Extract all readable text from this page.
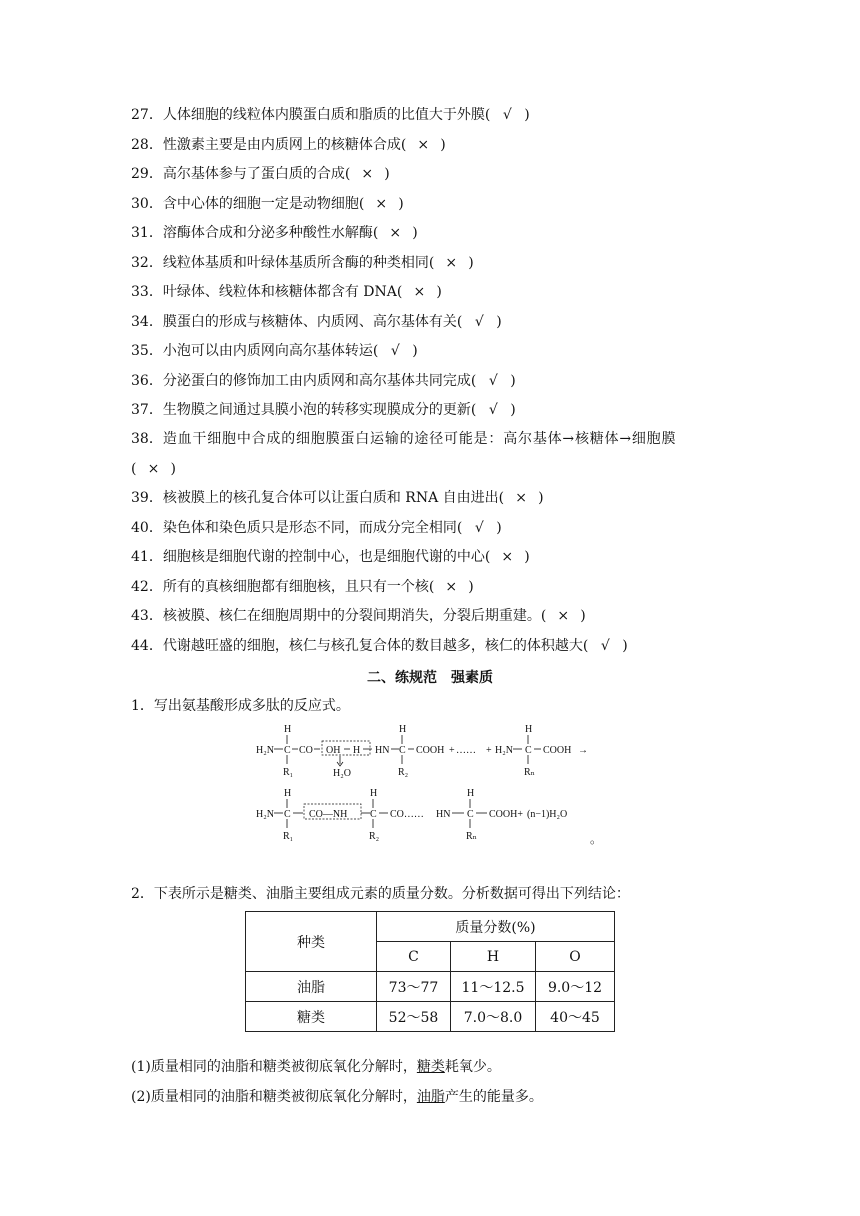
27．人体细胞的线粒体内膜蛋白质和脂质的比值大于外膜( √ )
28．性激素主要是由内质网上的核糖体合成( × )
29．高尔基体参与了蛋白质的合成( × )
30．含中心体的细胞一定是动物细胞( × )
31．溶酶体合成和分泌多种酸性水解酶( × )
32．线粒体基质和叶绿体基质所含酶的种类相同( × )
33．叶绿体、线粒体和核糖体都含有 DNA( × )
34．膜蛋白的形成与核糖体、内质网、高尔基体有关( √ )
35．小泡可以由内质网向高尔基体转运( √ )
36．分泌蛋白的修饰加工由内质网和高尔基体共同完成( √ )
37．生物膜之间通过具膜小泡的转移实现膜成分的更新( √ )
38．造血干细胞中合成的细胞膜蛋白运输的途径可能是：高尔基体→核糖体→细胞膜
( × )
39．核被膜上的核孔复合体可以让蛋白质和 RNA 自由进出( × )
40．染色体和染色质只是形态不同，而成分完全相同( √ )
41．细胞核是细胞代谢的控制中心，也是细胞代谢的中心( × )
42．所有的真核细胞都有细胞核，且只有一个核( × )
43．核被膜、核仁在细胞周期中的分裂间期消失，分裂后期重建。( × )
44．代谢越旺盛的细胞，核仁与核孔复合体的数目越多，核仁的体积越大( √ )
二、练规范 强素质
1．写出氨基酸形成多肽的反应式。
H
H₂N C CO OH H HN
H
C COOH + …… + H₂N
H
C COOH →
R₁	H₂O	R₂	Rₙ
H
H₂N C CO—NH
H
C CO…… HN
H
C COOH+ (n−1)H₂O
R₁	R₂	Rₙ	。
2．下表所示是糖类、油脂主要组成元素的质量分数。分析数据可得出下列结论：
种类	质量分数(%)		
	C	H	O
油脂	73～77	11～12.5	9.0～12
糖类	52～58	7.0～8.0	40～45
(1)质量相同的油脂和糖类被彻底氧化分解时，糖类耗氧少。
(2)质量相同的油脂和糖类被彻底氧化分解时，油脂产生的能量多。
